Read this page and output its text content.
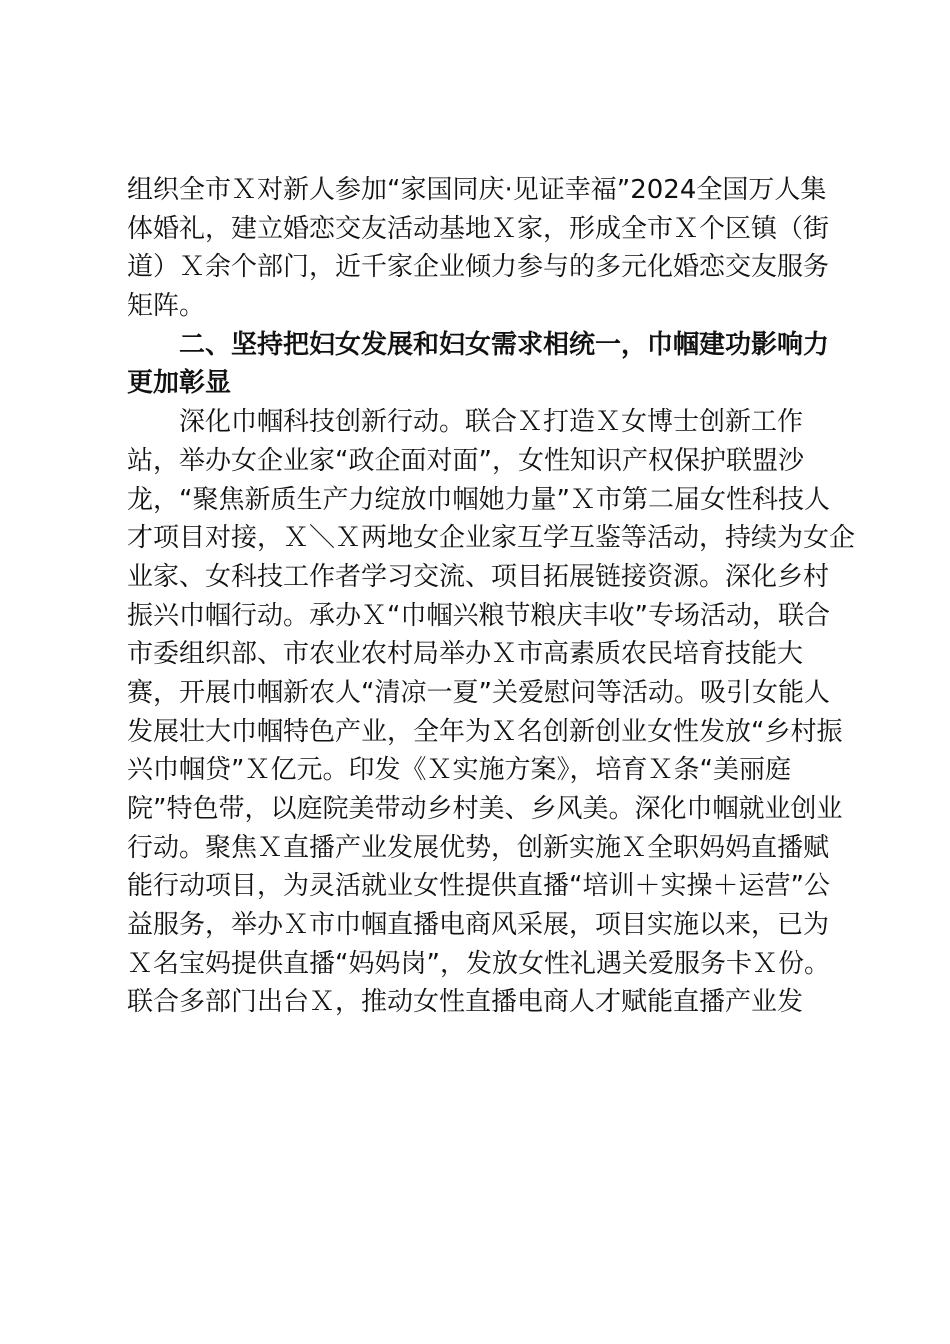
组织全市Ｘ对新人参加“家国同庆·见证幸福”2024全国万人集
体婚礼，建立婚恋交友活动基地Ｘ家，形成全市Ｘ个区镇（街
道）Ｘ余个部门，近千家企业倾力参与的多元化婚恋交友服务
矩阵。
二、坚持把妇女发展和妇女需求相统一，巾帼建功影响力
更加彰显
深化巾帼科技创新行动。联合Ｘ打造Ｘ女博士创新工作
站，举办女企业家“政企面对面”，女性知识产权保护联盟沙
龙，“聚焦新质生产力绽放巾帼她力量”Ｘ市第二届女性科技人
才项目对接，Ｘ＼Ｘ两地女企业家互学互鉴等活动，持续为女企
业家、女科技工作者学习交流、项目拓展链接资源。深化乡村
振兴巾帼行动。承办Ｘ“巾帼兴粮节粮庆丰收”专场活动，联合
市委组织部、市农业农村局举办Ｘ市高素质农民培育技能大
赛，开展巾帼新农人“清凉一夏”关爱慰问等活动。吸引女能人
发展壮大巾帼特色产业，全年为Ｘ名创新创业女性发放“乡村振
兴巾帼贷”Ｘ亿元。印发《Ｘ实施方案》，培育Ｘ条“美丽庭
院”特色带，以庭院美带动乡村美、乡风美。深化巾帼就业创业
行动。聚焦Ｘ直播产业发展优势，创新实施Ｘ全职妈妈直播赋
能行动项目，为灵活就业女性提供直播“培训＋实操＋运营”公
益服务，举办Ｘ市巾帼直播电商风采展，项目实施以来，已为
Ｘ名宝妈提供直播“妈妈岗”，发放女性礼遇关爱服务卡Ｘ份。
联合多部门出台Ｘ，推动女性直播电商人才赋能直播产业发
